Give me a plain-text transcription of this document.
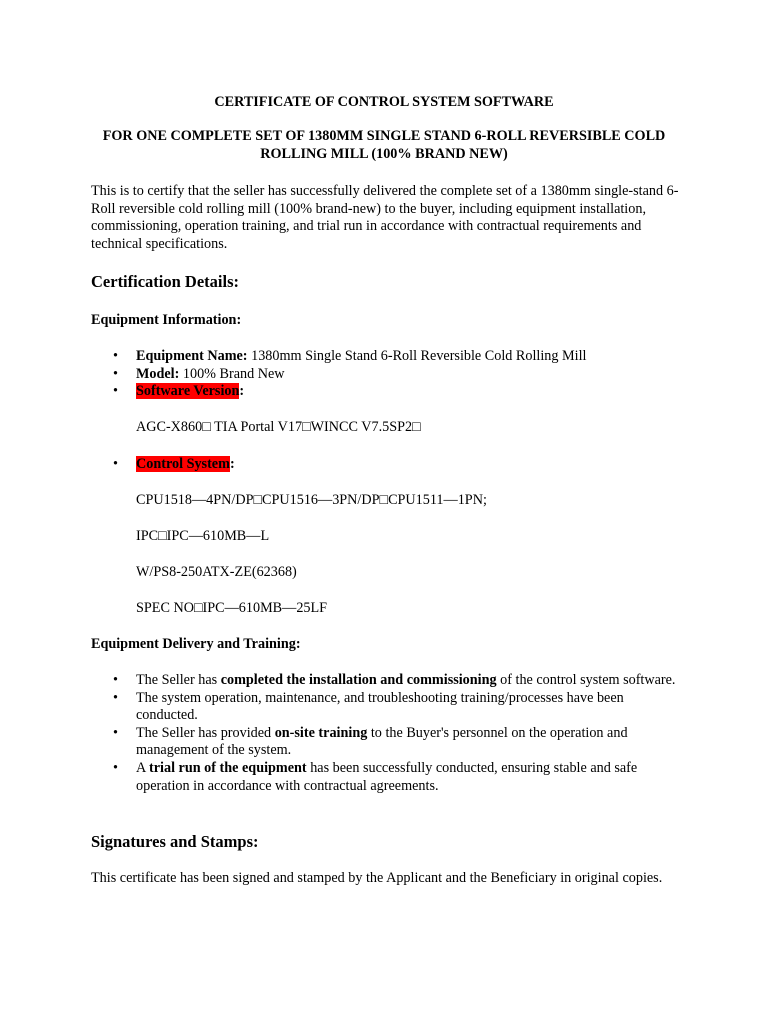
CERTIFICATE OF CONTROL SYSTEM SOFTWARE

FOR ONE COMPLETE SET OF 1380MM SINGLE STAND 6-ROLL REVERSIBLE COLD ROLLING MILL (100% BRAND NEW)

This is to certify that the seller has successfully delivered the complete set of a 1380mm single-stand 6-Roll reversible cold rolling mill (100% brand-new) to the buyer, including equipment installation, commissioning, operation training, and trial run in accordance with contractual requirements and technical specifications.

Certification Details:

Equipment Information:

• Equipment Name: 1380mm Single Stand 6-Roll Reversible Cold Rolling Mill
• Model: 100% Brand New
• Software Version:

AGC-X860□ TIA Portal V17□WINCC V7.5SP2□

• Control System:

CPU1518—4PN/DP□CPU1516—3PN/DP□CPU1511—1PN;

IPC□IPC—610MB—L

W/PS8-250ATX-ZE(62368)

SPEC NO□IPC—610MB—25LF

Equipment Delivery and Training:

• The Seller has completed the installation and commissioning of the control system software.
• The system operation, maintenance, and troubleshooting training/processes have been conducted.
• The Seller has provided on-site training to the Buyer's personnel on the operation and management of the system.
• A trial run of the equipment has been successfully conducted, ensuring stable and safe operation in accordance with contractual agreements.

Signatures and Stamps:

This certificate has been signed and stamped by the Applicant and the Beneficiary in original copies.
